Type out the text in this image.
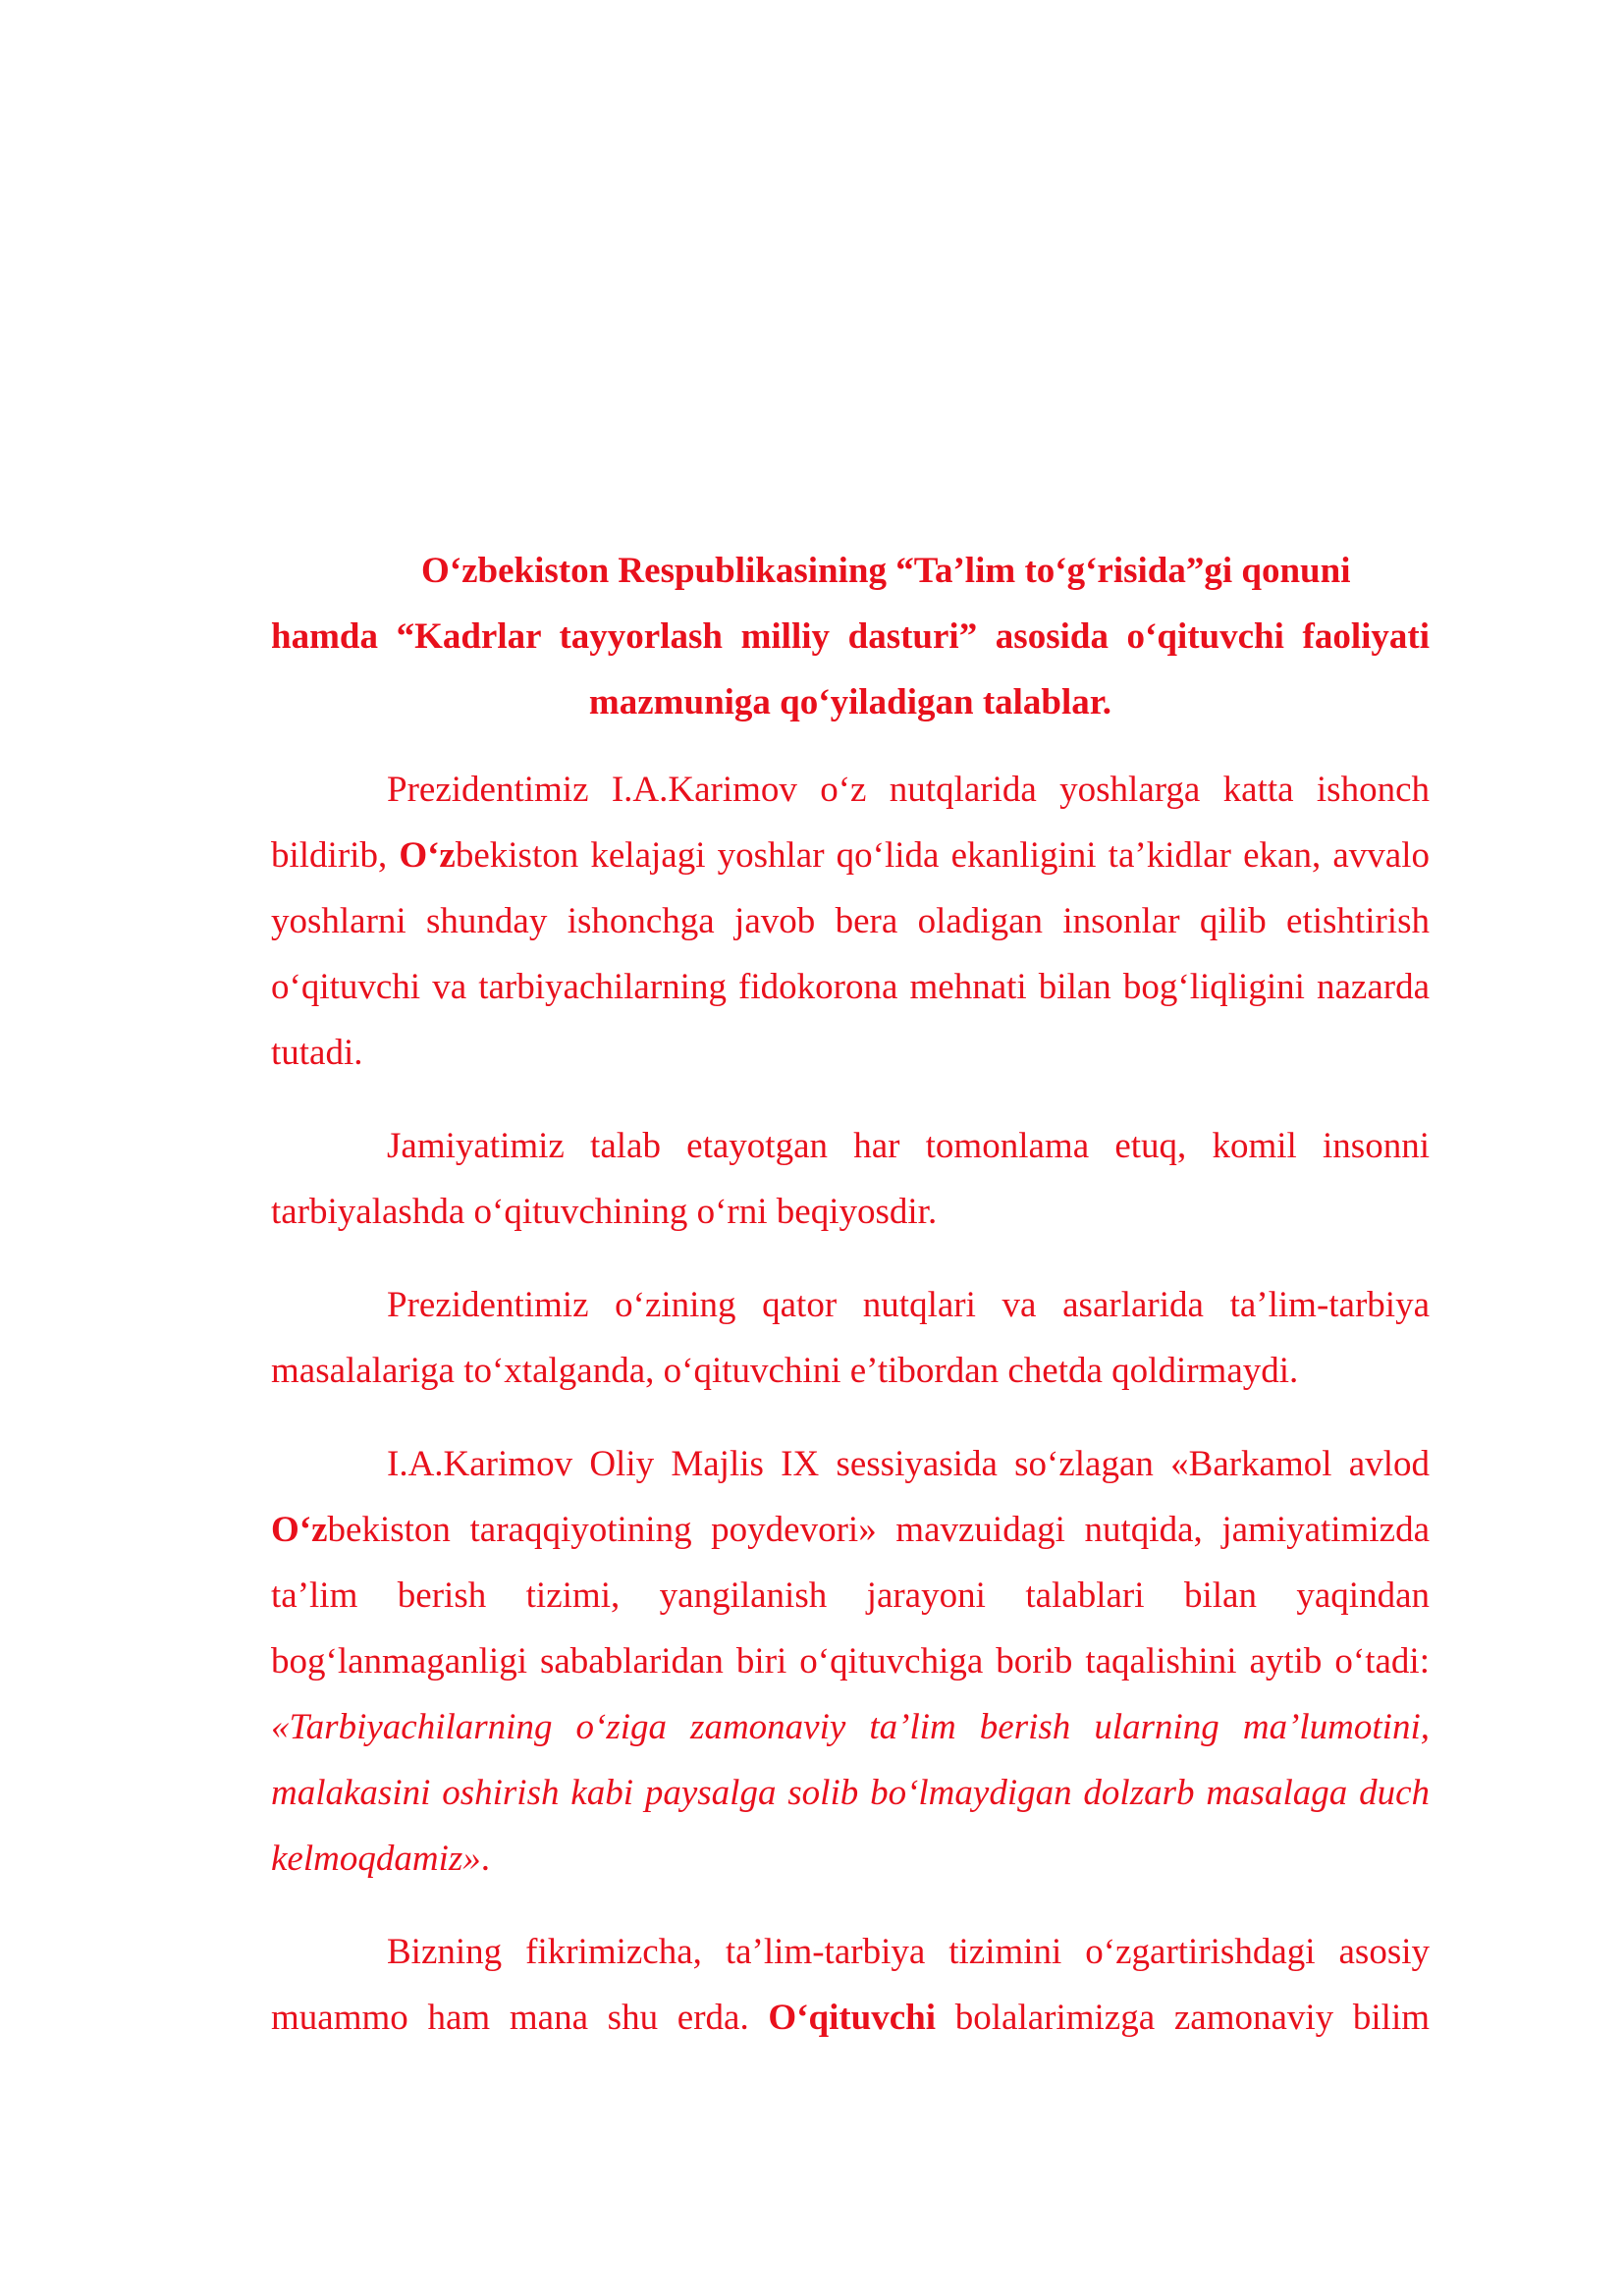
O‘zbekiston Respublikasining “Ta’lim to‘g‘risida”gi qonuni
hamda “Kadrlar tayyorlash milliy dasturi” asosida o‘qituvchi faoliyati
mazmuniga qo‘yiladigan talablar.

Prezidentimiz I.A.Karimov o‘z nutqlarida yoshlarga katta ishonch bildirib, O‘zbekiston kelajagi yoshlar qo‘lida ekanligini ta’kidlar ekan, avvalo yoshlarni shunday ishonchga javob bera oladigan insonlar qilib etishtirish o‘qituvchi va tarbiyachilarning fidokorona mehnati bilan bog‘liqligini nazarda tutadi.

Jamiyatimiz talab etayotgan har tomonlama etuq, komil insonni tarbiyalashda o‘qituvchining o‘rni beqiyosdir.

Prezidentimiz o‘zining qator nutqlari va asarlarida ta’lim-tarbiya masalalariga to‘xtalganda, o‘qituvchini e’tibordan chetda qoldirmaydi.

I.A.Karimov Oliy Majlis IX sessiyasida so‘zlagan «Barkamol avlod O‘zbekiston taraqqiyotining poydevori» mavzuidagi nutqida, jamiyatimizda ta’lim berish tizimi, yangilanish jarayoni talablari bilan yaqindan bog‘lanmaganligi sabablaridan biri o‘qituvchiga borib taqalishini aytib o‘tadi: «Tarbiyachilarning o‘ziga zamonaviy ta’lim berish ularning ma’lumotini, malakasini oshirish kabi paysalga solib bo‘lmaydigan dolzarb masalaga duch kelmoqdamiz».

Bizning fikrimizcha, ta’lim-tarbiya tizimini o‘zgartirishdagi asosiy muammo ham mana shu erda. O‘qituvchi bolalarimizga zamonaviy bilim
